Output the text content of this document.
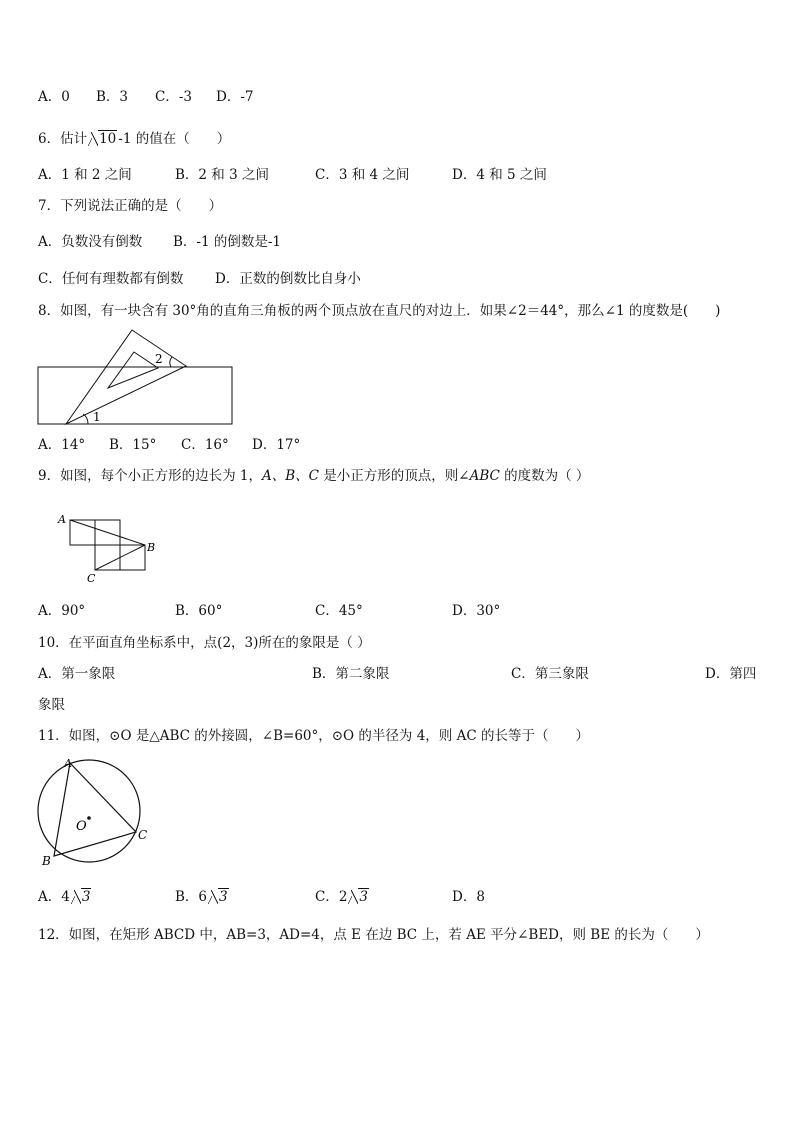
A．0 B．3 C．-3 D．-7
6．估计 10 -1 的值在（　　）
A．1 和 2 之间	B．2 和 3 之间	C．3 和 4 之间	D．4 和 5 之间
7．下列说法正确的是（　　）
A．负数没有倒数 B．-1 的倒数是-1
C．任何有理数都有倒数 D．正数的倒数比自身小
8．如图，有一块含有 30°角的直角三角板的两个顶点放在直尺的对边上．如果∠2＝44°，那么∠1 的度数是(　　)
2
1
A．14° B．15° C．16° D．17°
9．如图，每个小正方形的边长为 1，A、B、C 是小正方形的顶点，则∠ABC 的度数为（ ）
A
B
C
A．90°	B．60°	C．45°	D．30°
10．在平面直角坐标系中，点(2，3)所在的象限是（ ）
A．第一象限	B．第二象限	C．第三象限	D．第四
象限
11．如图，⊙O 是△ABC 的外接圆，∠B=60°，⊙O 的半径为 4，则 AC 的长等于（　　）
A
C
B
O
A．4 3	B．6 3	C．2 3	D．8
12．如图，在矩形 ABCD 中，AB=3，AD=4，点 E 在边 BC 上，若 AE 平分∠BED，则 BE 的长为（　　）
